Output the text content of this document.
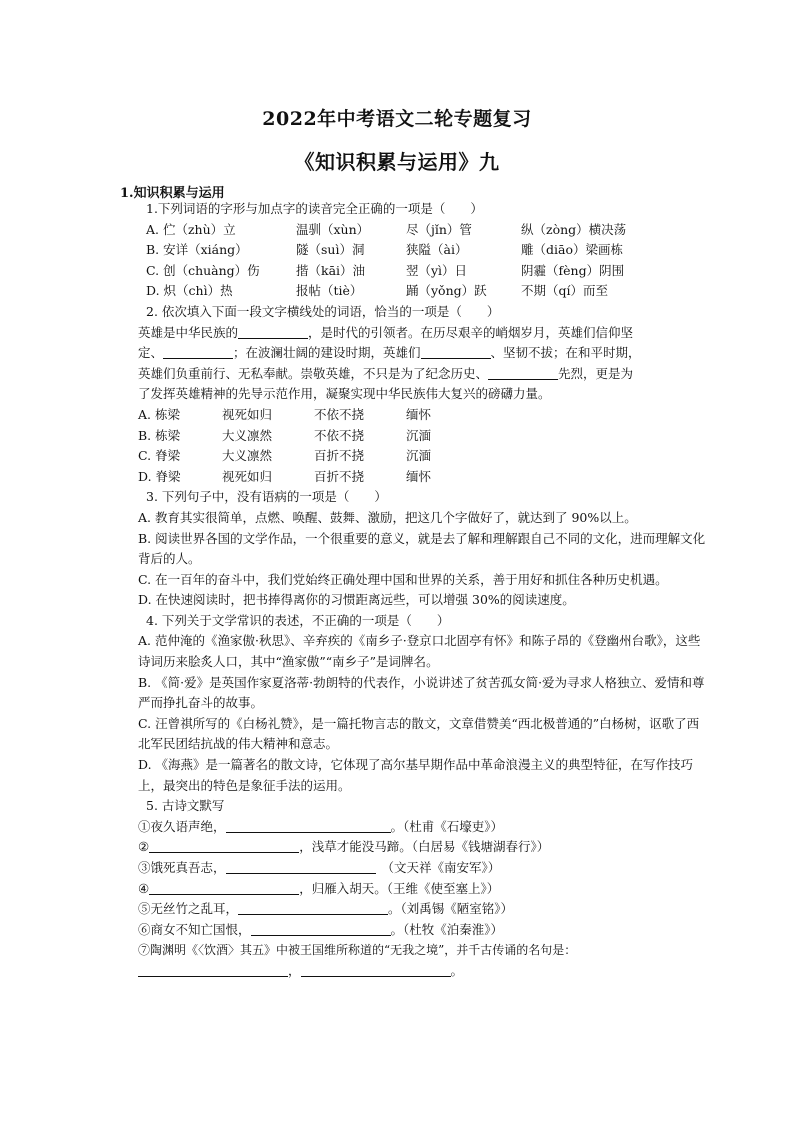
2022年中考语文二轮专题复习
《知识积累与运用》九
1.知识积累与运用
1.下列词语的字形与加点字的读音完全正确的一项是（　　）
A. 伫（zhù）立	温驯（xùn）	尽（jǐn）管	纵（zòng）横决荡
B. 安详（xiáng）	隧（suì）洞	狭隘（ài）	雕（diāo）梁画栋
C. 创（chuàng）伤	揩（kāi）油	翌（yì）日	阴霾（fèng）阴围
D. 炽（chì）热	报帖（tiè）	踊（yǒng）跃	不期（qí）而至
2. 依次填入下面一段文字横线处的词语，恰当的一项是（　　）
英雄是中华民族的	，是时代的引领者。在历尽艰辛的峭烟岁月，英雄们信仰坚
定、	；在波澜壮阔的建设时期，英雄们	、坚韧不拔；在和平时期，
英雄们负重前行、无私奉献。崇敬英雄，不只是为了纪念历史、	先烈，更是为
了发挥英雄精神的先导示范作用，凝聚实现中华民族伟大复兴的磅礴力量。
A. 栋梁	视死如归	不依不挠	缅怀
B. 栋梁	大义凛然	不依不挠	沉湎
C. 脊梁	大义凛然	百折不挠	沉湎
D. 脊梁	视死如归	百折不挠	缅怀
3. 下列句子中，没有语病的一项是（　　）
A. 教育其实很简单，点燃、唤醒、鼓舞、激励，把这几个字做好了，就达到了 90%以上。
B. 阅读世界各国的文学作品，一个很重要的意义，就是去了解和理解跟自己不同的文化，进而理解文化背后的人。
C. 在一百年的奋斗中，我们党始终正确处理中国和世界的关系，善于用好和抓住各种历史机遇。
D. 在快速阅读时，把书捧得离你的习惯距离远些，可以增强 30%的阅读速度。
4. 下列关于文学常识的表述，不正确的一项是（　　）
A. 范仲淹的《渔家傲·秋思》、辛弃疾的《南乡子·登京口北固亭有怀》和陈子昂的《登幽州台歌》，这些诗词历来脍炙人口，其中“渔家傲”“南乡子”是词牌名。
B. 《简·爱》是英国作家夏洛蒂·勃朗特的代表作，小说讲述了贫苦孤女简·爱为寻求人格独立、爱情和尊严而挣扎奋斗的故事。
C. 汪曾祺所写的《白杨礼赞》，是一篇托物言志的散文，文章借赞美“西北极普通的”白杨树，讴歌了西北军民团结抗战的伟大精神和意志。
D. 《海燕》是一篇著名的散文诗，它体现了高尔基早期作品中革命浪漫主义的典型特征，在写作技巧上，最突出的特色是象征手法的运用。
5. 古诗文默写
①夜久语声绝，	。（杜甫《石壕吏》）
②	，浅草才能没马蹄。（白居易《钱塘湖春行》）
③饿死真吾志，	（文天祥《南安军》）
④	，归雁入胡天。（王维《使至塞上》）
⑤无丝竹之乱耳，	。（刘禹锡《陋室铭》）
⑥商女不知亡国恨，	。（杜牧《泊秦淮》）
⑦陶渊明《〈饮酒〉其五》中被王国维所称道的“无我之境”，并千古传诵的名句是：
，	。
